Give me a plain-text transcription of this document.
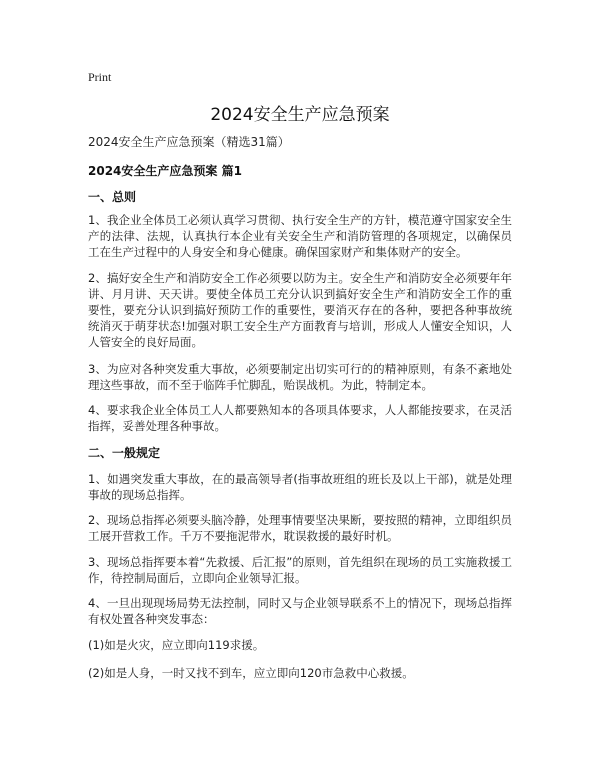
Print
2024安全生产应急预案
2024安全生产应急预案（精选31篇）
2024安全生产应急预案 篇1
一、总则
1、我企业全体员工必须认真学习贯彻、执行安全生产的方针，模范遵守国家安全生产的法律、法规，认真执行本企业有关安全生产和消防管理的各项规定，以确保员工在生产过程中的人身安全和身心健康。确保国家财产和集体财产的安全。
2、搞好安全生产和消防安全工作必须要以防为主。安全生产和消防安全必须要年年讲、月月讲、天天讲。要使全体员工充分认识到搞好安全生产和消防安全工作的重要性，要充分认识到搞好预防工作的重要性，要消灭存在的各种，要把各种事故统统消灭于萌芽状态!加强对职工安全生产方面教育与培训，形成人人懂安全知识，人人管安全的良好局面。
3、为应对各种突发重大事故，必须要制定出切实可行的的精神原则，有条不紊地处理这些事故，而不至于临阵手忙脚乱，贻误战机。为此，特制定本。
4、要求我企业全体员工人人都要熟知本的各项具体要求，人人都能按要求，在灵活指挥，妥善处理各种事故。
二、一般规定
1、如遇突发重大事故，在的最高领导者(指事故班组的班长及以上干部)，就是处理事故的现场总指挥。
2、现场总指挥必须要头脑冷静，处理事情要坚决果断，要按照的精神，立即组织员工展开营救工作。千万不要拖泥带水，耽误救援的最好时机。
3、现场总指挥要本着“先救援、后汇报”的原则，首先组织在现场的员工实施救援工作，待控制局面后，立即向企业领导汇报。
4、一旦出现现场局势无法控制，同时又与企业领导联系不上的情况下，现场总指挥有权处置各种突发事态：
(1)如是火灾，应立即向119求援。
(2)如是人身，一时又找不到车，应立即向120市急救中心救援。
